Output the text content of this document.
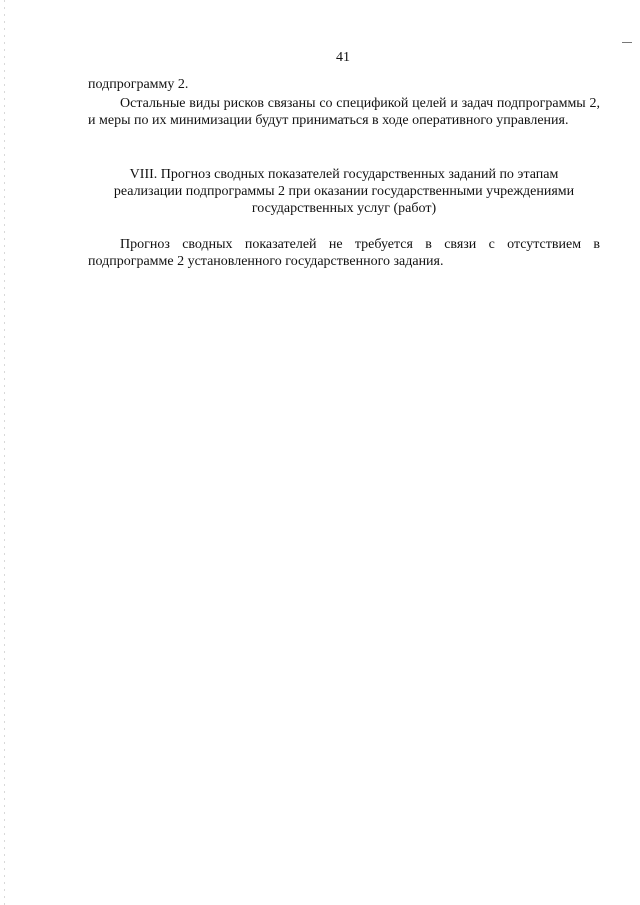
41

подпрограмму 2.

Остальные виды рисков связаны со спецификой целей и задач подпрограммы 2, и меры по их минимизации будут приниматься в ходе оперативного управления.

VIII. Прогноз сводных показателей государственных заданий по этапам
реализации подпрограммы 2 при оказании государственными учреждениями
государственных услуг (работ)

Прогноз сводных показателей не требуется в связи с отсутствием в подпрограмме 2 установленного государственного задания.
